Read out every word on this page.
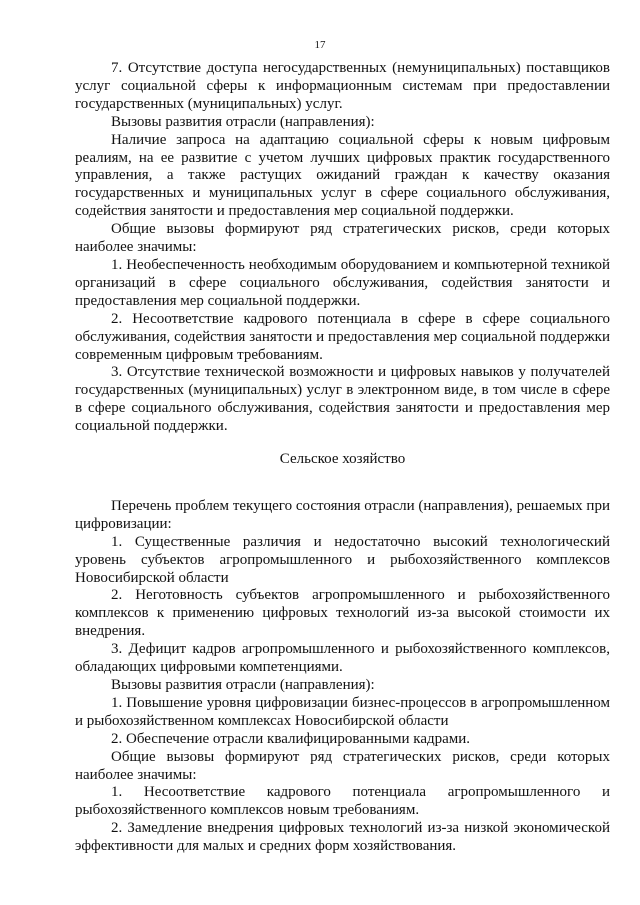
17

7. Отсутствие доступа негосударственных (немуниципальных) поставщиков услуг социальной сферы к информационным системам при предоставлении государственных (муниципальных) услуг.

Вызовы развития отрасли (направления):

Наличие запроса на адаптацию социальной сферы к новым цифровым реалиям, на ее развитие с учетом лучших цифровых практик государственного управления, а также растущих ожиданий граждан к качеству оказания государственных и муниципальных услуг в сфере социального обслуживания, содействия занятости и предоставления мер социальной поддержки.

Общие вызовы формируют ряд стратегических рисков, среди которых наиболее значимы:

1. Необеспеченность необходимым оборудованием и компьютерной техникой организаций в сфере социального обслуживания, содействия занятости и предоставления мер социальной поддержки.

2. Несоответствие кадрового потенциала в сфере в сфере социального обслуживания, содействия занятости и предоставления мер социальной поддержки современным цифровым требованиям.

3. Отсутствие технической возможности и цифровых навыков у получателей государственных (муниципальных) услуг в электронном виде, в том числе в сфере в сфере социального обслуживания, содействия занятости и предоставления мер социальной поддержки.

Сельское хозяйство

Перечень проблем текущего состояния отрасли (направления), решаемых при цифровизации:

1. Существенные различия и недостаточно высокий технологический уровень субъектов агропромышленного и рыбохозяйственного комплексов Новосибирской области

2. Неготовность субъектов агропромышленного и рыбохозяйственного комплексов к применению цифровых технологий из-за высокой стоимости их внедрения.

3. Дефицит кадров агропромышленного и рыбохозяйственного комплексов, обладающих цифровыми компетенциями.

Вызовы развития отрасли (направления):

1. Повышение уровня цифровизации бизнес-процессов в агропромышленном и рыбохозяйственном комплексах Новосибирской области

2. Обеспечение отрасли квалифицированными кадрами.

Общие вызовы формируют ряд стратегических рисков, среди которых наиболее значимы:

1. Несоответствие кадрового потенциала агропромышленного и рыбохозяйственного комплексов новым требованиям.

2. Замедление внедрения цифровых технологий из-за низкой экономической эффективности для малых и средних форм хозяйствования.
